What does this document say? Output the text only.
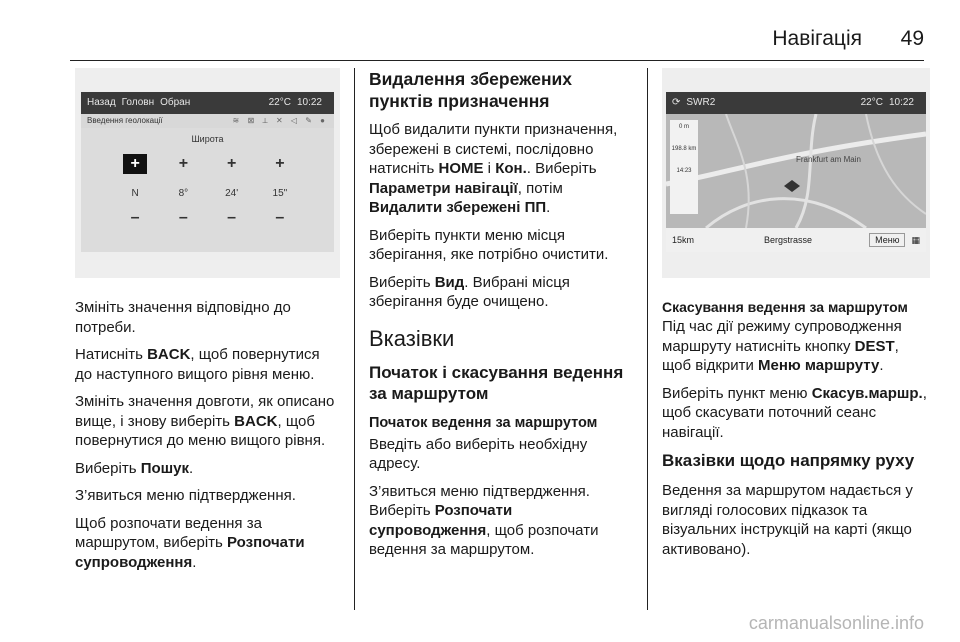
Навігація 49
Назад Головн Обран	22°C 10:22
Введення геолокації	≋ ⊠ ⟂ ✕ ◁ ✎ ●
Широта
+	+	+	+
N	8°	24'	15"
–	–	–	–

Змініть значення відповідно до потреби.

Натисніть BACK, щоб повернутися до наступного вищого рівня меню.

Змініть значення довготи, як описано вище, і знову виберіть BACK, щоб повернутися до меню вищого рівня.

Виберіть Пошук.

З’явиться меню підтвердження.

Щоб розпочати ведення за маршрутом, виберіть Розпочати супроводження.

Видалення збережених пунктів призначення

Щоб видалити пункти призначення, збережені в системі, послідовно натисніть HOME і Кон.. Виберіть Параметри навігації, потім Видалити збережені ПП.

Виберіть пункти меню місця зберігання, яке потрібно очистити.

Виберіть Вид. Вибрані місця зберігання буде очищено.

Вказівки
Початок і скасування ведення за маршрутом
Початок ведення за маршрутом

Введіть або виберіть необхідну адресу.

З’явиться меню підтвердження. Виберіть Розпочати супроводження, щоб розпочати ведення за маршрутом.

⟳ SWR2	22°C 10:22
Frankfurt am Main
0 m
198.8 km
14:23
15km	Bergstrasse	Меню	▦
Скасування ведення за маршрутом

Під час дії режиму супроводження маршруту натисніть кнопку DEST, щоб відкрити Меню маршруту.

Виберіть пункт меню Скасув.маршр., щоб скасувати поточний сеанс навігації.

Вказівки щодо напрямку руху

Ведення за маршрутом надається у вигляді голосових підказок та візуальних інструкцій на карті (якщо активовано).

carmanualsonline.info
